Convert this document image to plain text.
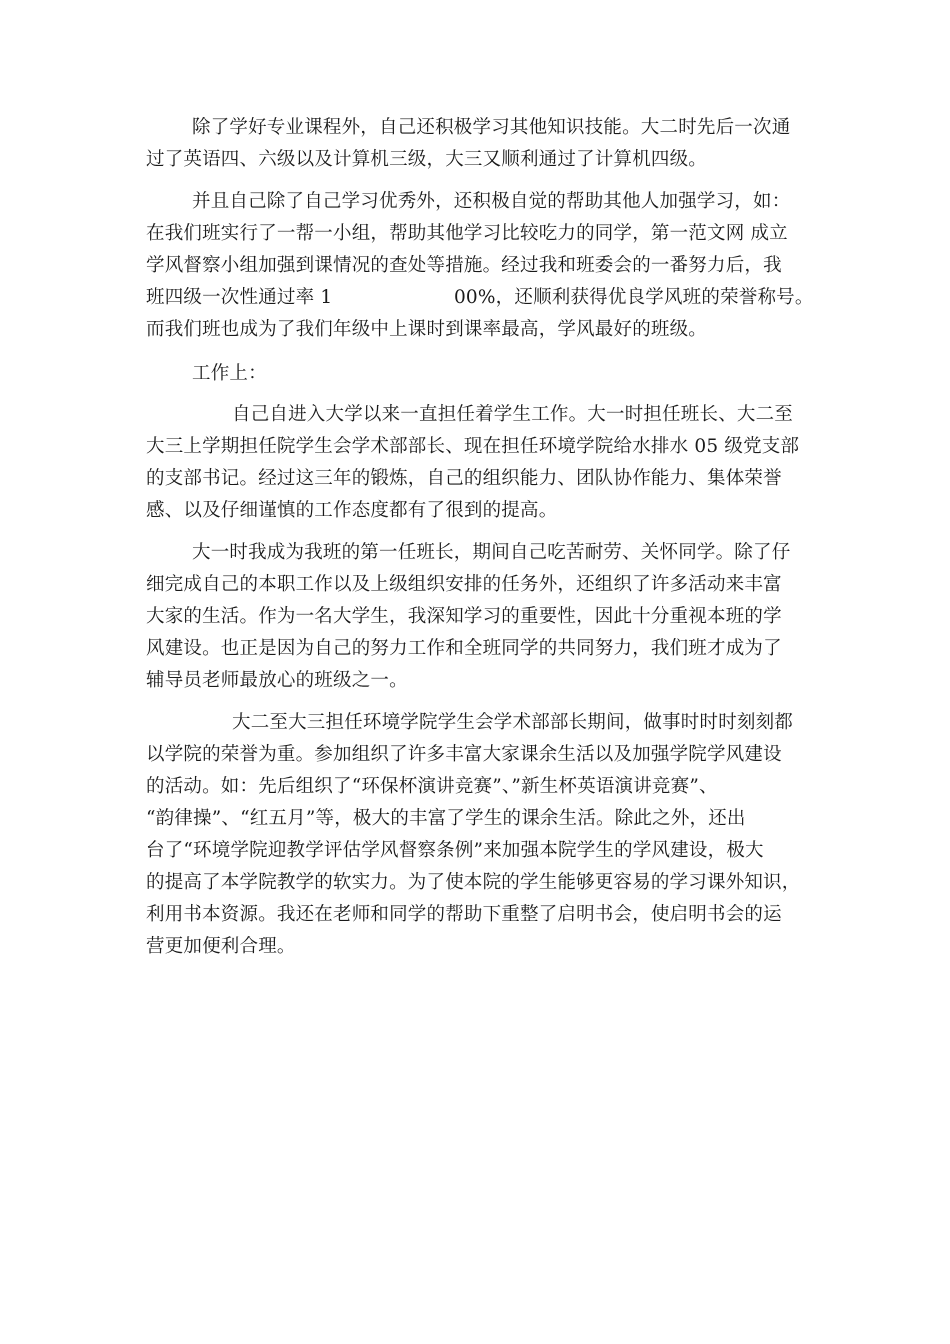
除了学好专业课程外，自己还积极学习其他知识技能。大二时先后一次通
过了英语四、六级以及计算机三级，大三又顺利通过了计算机四级。
并且自己除了自己学习优秀外，还积极自觉的帮助其他人加强学习，如：
在我们班实行了一帮一小组，帮助其他学习比较吃力的同学，第一范文网 成立
学风督察小组加强到课情况的查处等措施。经过我和班委会的一番努力后，我
班四级一次性通过率 1                    00%，还顺利获得优良学风班的荣誉称号。
而我们班也成为了我们年级中上课时到课率最高，学风最好的班级。
工作上：
自己自进入大学以来一直担任着学生工作。大一时担任班长、大二至
大三上学期担任院学生会学术部部长、现在担任环境学院给水排水 05 级党支部
的支部书记。经过这三年的锻炼，自己的组织能力、团队协作能力、集体荣誉
感、以及仔细谨慎的工作态度都有了很到的提高。
大一时我成为我班的第一任班长，期间自己吃苦耐劳、关怀同学。除了仔
细完成自己的本职工作以及上级组织安排的任务外，还组织了许多活动来丰富
大家的生活。作为一名大学生，我深知学习的重要性，因此十分重视本班的学
风建设。也正是因为自己的努力工作和全班同学的共同努力，我们班才成为了
辅导员老师最放心的班级之一。
大二至大三担任环境学院学生会学术部部长期间，做事时时时刻刻都
以学院的荣誉为重。参加组织了许多丰富大家课余生活以及加强学院学风建设
的活动。如：先后组织了“环保杯演讲竞赛”、”新生杯英语演讲竞赛”、
“韵律操”、“红五月”等，极大的丰富了学生的课余生活。除此之外，还出
台了“环境学院迎教学评估学风督察条例”来加强本院学生的学风建设，极大
的提高了本学院教学的软实力。为了使本院的学生能够更容易的学习课外知识，
利用书本资源。我还在老师和同学的帮助下重整了启明书会，使启明书会的运
营更加便利合理。
